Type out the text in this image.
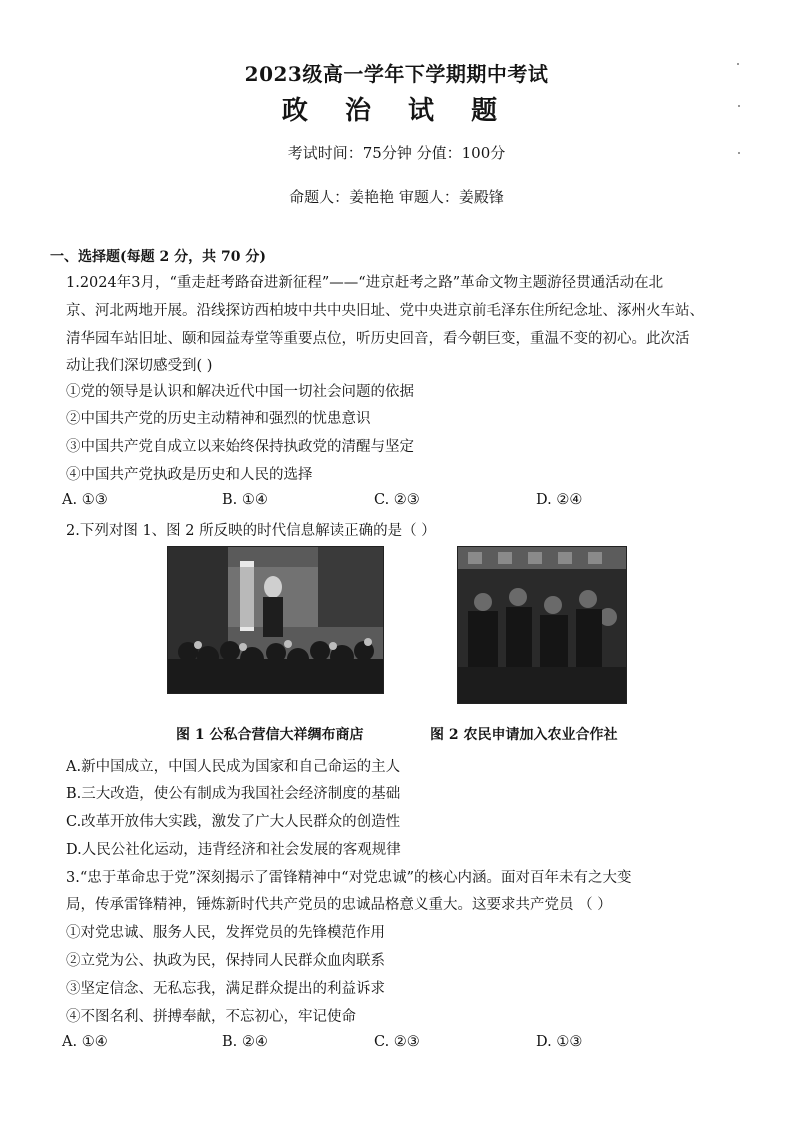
2023级高一学年下学期期中考试
政 治 试 题
考试时间：75分钟 分值：100分
命题人：姜艳艳 审题人：姜殿锋
一、选择题(每题 2 分，共 70 分)
1.2024年3月，“重走赶考路奋进新征程”——“进京赶考之路”革命文物主题游径贯通活动在北
京、河北两地开展。沿线探访西柏坡中共中央旧址、党中央进京前毛泽东住所纪念址、涿州火车站、
清华园车站旧址、颐和园益寿堂等重要点位，听历史回音，看今朝巨变，重温不变的初心。此次活
动让我们深切感受到( )
①党的领导是认识和解决近代中国一切社会问题的依据
②中国共产党的历史主动精神和强烈的忧患意识
③中国共产党自成立以来始终保持执政党的清醒与坚定
④中国共产党执政是历史和人民的选择
A. ①③	B. ①④	C. ②③	D. ②④
2.下列对图 1、图 2 所反映的时代信息解读正确的是（ ）
图 1 公私合营信大祥绸布商店	图 2 农民申请加入农业合作社
A.新中国成立，中国人民成为国家和自己命运的主人
B.三大改造，使公有制成为我国社会经济制度的基础
C.改革开放伟大实践，激发了广大人民群众的创造性
D.人民公社化运动，违背经济和社会发展的客观规律
3.“忠于革命忠于党”深刻揭示了雷锋精神中“对党忠诚”的核心内涵。面对百年未有之大变
局，传承雷锋精神，锤炼新时代共产党员的忠诚品格意义重大。这要求共产党员 （ ）
①对党忠诚、服务人民，发挥党员的先锋模范作用
②立党为公、执政为民，保持同人民群众血肉联系
③坚定信念、无私忘我，满足群众提出的利益诉求
④不图名利、拼搏奉献，不忘初心，牢记使命
A. ①④	B. ②④	C. ②③	D. ①③
